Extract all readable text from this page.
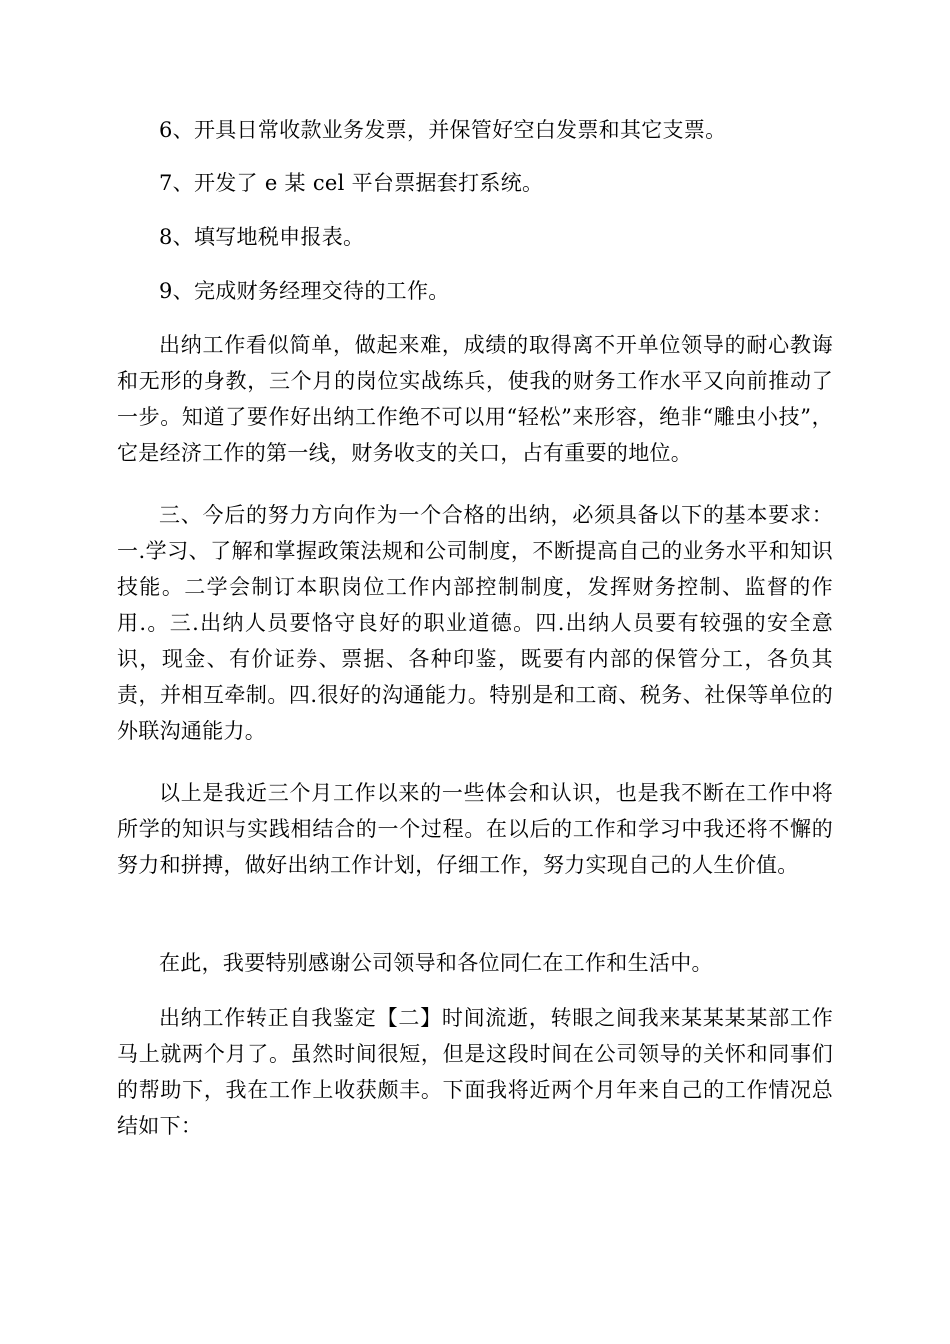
6、开具日常收款业务发票，并保管好空白发票和其它支票。

7、开发了 e 某 cel 平台票据套打系统。

8、填写地税申报表。

9、完成财务经理交待的工作。

出纳工作看似简单，做起来难，成绩的取得离不开单位领导的耐心教诲和无形的身教，三个月的岗位实战练兵，使我的财务工作水平又向前推动了一步。知道了要作好出纳工作绝不可以用“轻松”来形容，绝非“雕虫小技”，它是经济工作的第一线，财务收支的关口，占有重要的地位。

三、今后的努力方向作为一个合格的出纳，必须具备以下的基本要求：一.学习、了解和掌握政策法规和公司制度，不断提高自己的业务水平和知识技能。二学会制订本职岗位工作内部控制制度，发挥财务控制、监督的作用.。三.出纳人员要恪守良好的职业道德。四.出纳人员要有较强的安全意识，现金、有价证券、票据、各种印鉴，既要有内部的保管分工，各负其责，并相互牵制。四.很好的沟通能力。特别是和工商、税务、社保等单位的外联沟通能力。

以上是我近三个月工作以来的一些体会和认识，也是我不断在工作中将所学的知识与实践相结合的一个过程。在以后的工作和学习中我还将不懈的努力和拼搏，做好出纳工作计划，仔细工作，努力实现自己的人生价值。

在此，我要特别感谢公司领导和各位同仁在工作和生活中。

出纳工作转正自我鉴定【二】时间流逝，转眼之间我来某某某某部工作马上就两个月了。虽然时间很短，但是这段时间在公司领导的关怀和同事们的帮助下，我在工作上收获颇丰。下面我将近两个月年来自己的工作情况总结如下：
